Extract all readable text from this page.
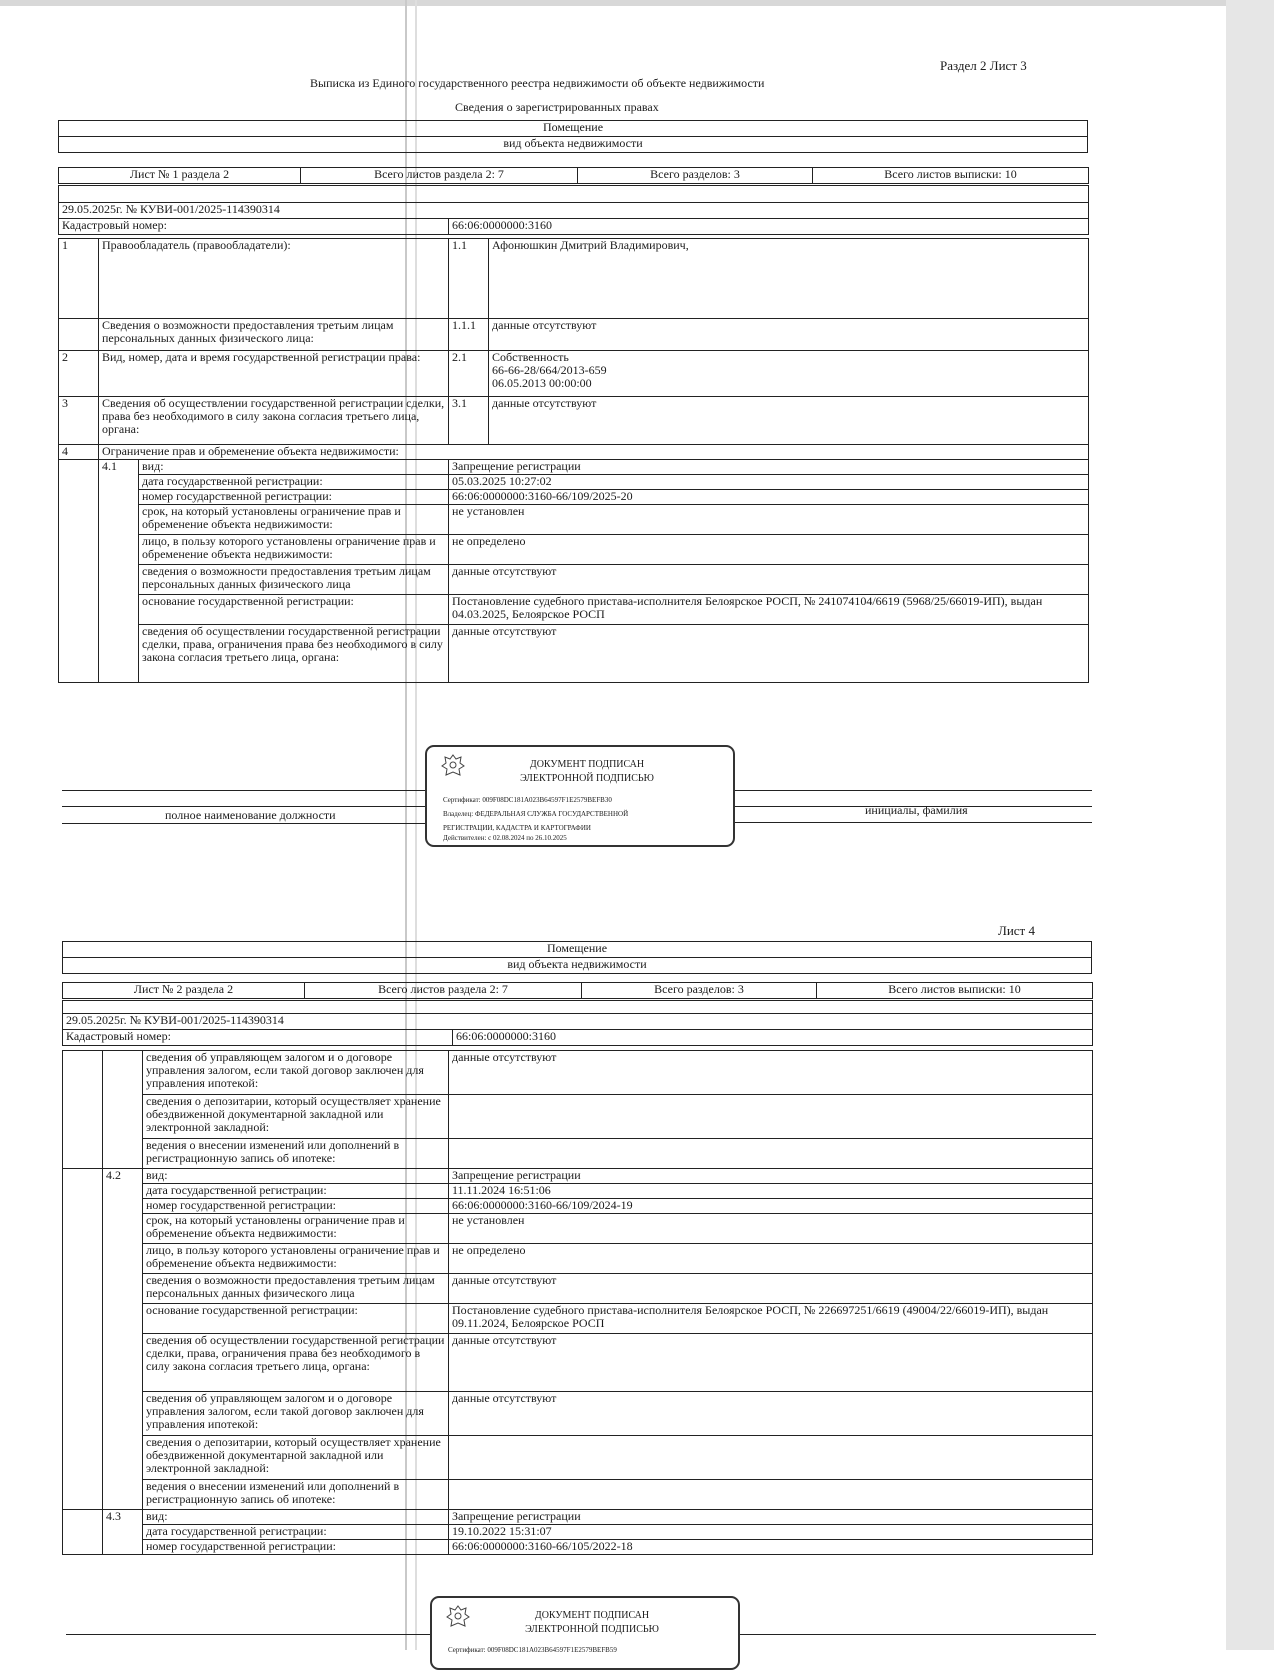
Раздел 2 Лист 3
Выписка из Единого государственного реестра недвижимости об объекте недвижимости
Сведения о зарегистрированных правах
Помещение
вид объекта недвижимости
Лист № 1 раздела 2	Всего листов раздела 2: 7	Всего разделов: 3	Всего листов выписки: 10

29.05.2025г. № КУВИ-001/2025-114390314
Кадастровый номер:	66:06:0000000:3160
1	Правообладатель (правообладатели):		1.1	Афонюшкин Дмитрий Владимирович,
	Сведения о возможности предоставления третьим лицам персональных данных физического лица:		1.1.1	данные отсутствуют
2	Вид, номер, дата и время государственной регистрации права:		2.1	Собственность
66-66-28/664/2013-659
06.05.2013 00:00:00

3	Сведения об осуществлении государственной регистрации сделки, права без необходимого в силу закона согласия третьего лица, органа:		3.1	данные отсутствуют
4	Ограничение прав и обременение объекта недвижимости:			
	4.1	вид:	Запрещение регистрации	
		дата государственной регистрации:	05.03.2025 10:27:02	
		номер государственной регистрации:	66:06:0000000:3160-66/109/2025-20	
		срок, на который установлены ограничение прав и обременение объекта недвижимости:	не установлен	
		лицо, в пользу которого установлены ограничение прав и обременение объекта недвижимости:	не определено	
		сведения о возможности предоставления третьим лицам персональных данных физического лица	данные отсутствуют	
		основание государственной регистрации:	Постановление судебного пристава-исполнителя Белоярское РОСП, № 241074104/6619 (5968/25/66019-ИП), выдан 04.03.2025, Белоярское РОСП	
		сведения об осуществлении государственной регистрации сделки, права, ограничения права без необходимого в силу закона согласия третьего лица, органа:	данные отсутствуют	
полное наименование должности	инициалы, фамилия
ДОКУМЕНТ ПОДПИСАН
ЭЛЕКТРОННОЙ ПОДПИСЬЮ
Сертификат: 009F08DC181A023B64597F1E2579BEFB30
Владелец: ФЕДЕРАЛЬНАЯ СЛУЖБА ГОСУДАРСТВЕННОЙ
РЕГИСТРАЦИИ, КАДАСТРА И КАРТОГРАФИИ
Действителен: с 02.08.2024 по 26.10.2025
Лист 4
Помещение
вид объекта недвижимости
Лист № 2 раздела 2	Всего листов раздела 2: 7	Всего разделов: 3	Всего листов выписки: 10

29.05.2025г. № КУВИ-001/2025-114390314
Кадастровый номер:	66:06:0000000:3160
		сведения об управляющем залогом и о договоре управления залогом, если такой договор заключен для управления ипотекой:	данные отсутствуют
		сведения о депозитарии, который осуществляет хранение обездвиженной документарной закладной или электронной закладной:	
		ведения о внесении изменений или дополнений в регистрационную запись об ипотеке:	
	4.2	вид:	Запрещение регистрации
		дата государственной регистрации:	11.11.2024 16:51:06
		номер государственной регистрации:	66:06:0000000:3160-66/109/2024-19
		срок, на который установлены ограничение прав и обременение объекта недвижимости:	не установлен
		лицо, в пользу которого установлены ограничение прав и обременение объекта недвижимости:	не определено
		сведения о возможности предоставления третьим лицам персональных данных физического лица	данные отсутствуют
		основание государственной регистрации:	Постановление судебного пристава-исполнителя Белоярское РОСП, № 226697251/6619 (49004/22/66019-ИП), выдан 09.11.2024, Белоярское РОСП
		сведения об осуществлении государственной регистрации сделки, права, ограничения права без необходимого в силу закона согласия третьего лица, органа:	данные отсутствуют
		сведения об управляющем залогом и о договоре управления залогом, если такой договор заключен для управления ипотекой:	данные отсутствуют
		сведения о депозитарии, который осуществляет хранение обездвиженной документарной закладной или электронной закладной:	
		ведения о внесении изменений или дополнений в регистрационную запись об ипотеке:	
	4.3	вид:	Запрещение регистрации
		дата государственной регистрации:	19.10.2022 15:31:07
		номер государственной регистрации:	66:06:0000000:3160-66/105/2022-18
ДОКУМЕНТ ПОДПИСАН
ЭЛЕКТРОННОЙ ПОДПИСЬЮ
Сертификат: 009F08DC181A023B64597F1E2579BEFB59
